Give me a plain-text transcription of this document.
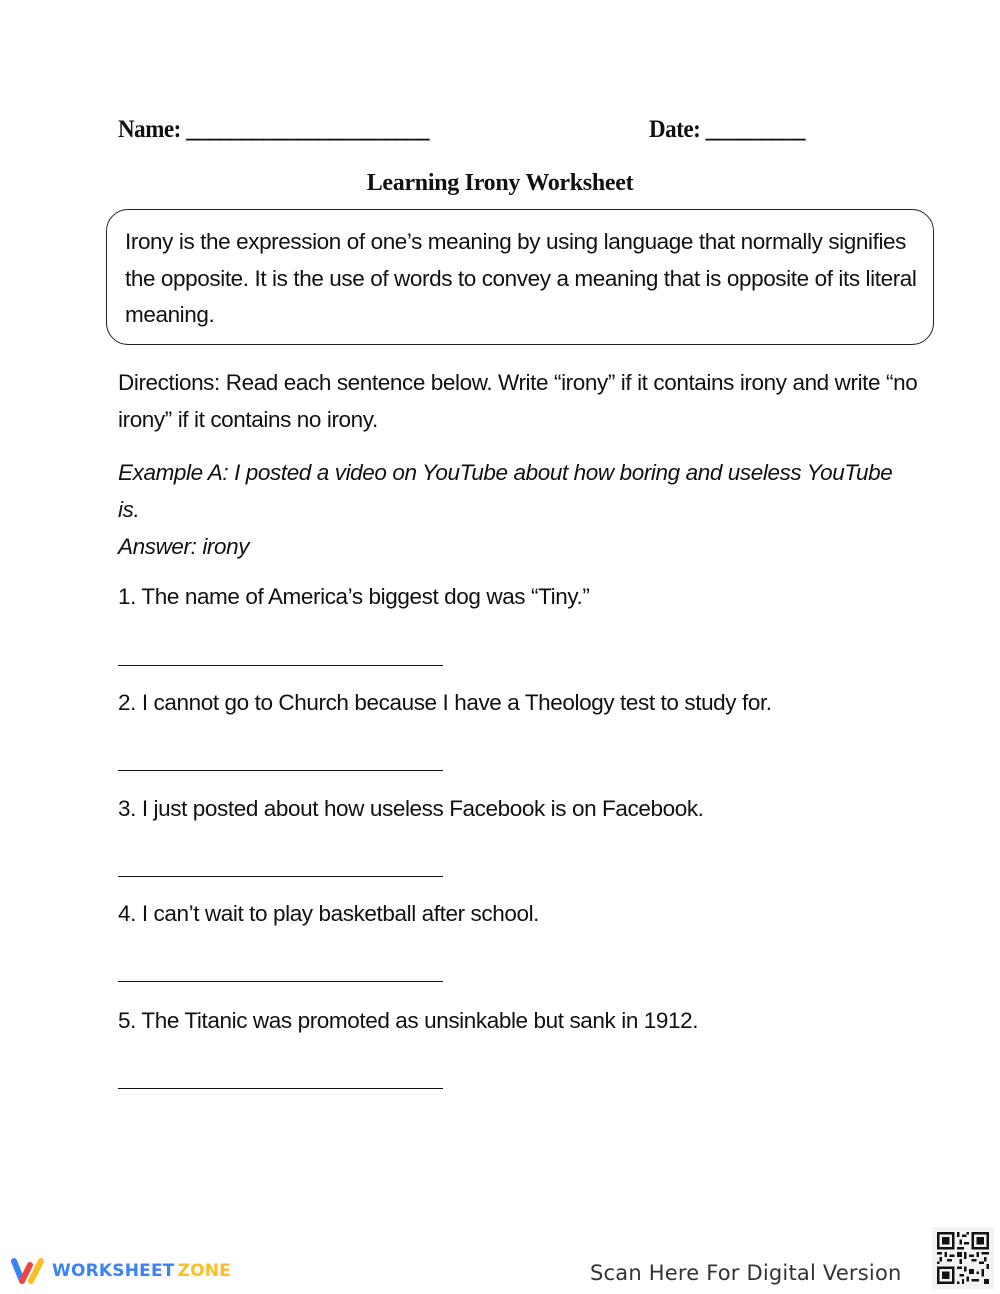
Name: ______________________	Date: _________
Learning Irony Worksheet
Irony is the expression of one’s meaning by using language that normally signifies the opposite. It is the use of words to convey a meaning that is opposite of its literal meaning.
Directions: Read each sentence below. Write “irony” if it contains irony and write “no irony” if it contains no irony.
Example A: I posted a video on YouTube about how boring and useless YouTube is.
Answer: irony
1. The name of America’s biggest dog was “Tiny.”
2. I cannot go to Church because I have a Theology test to study for.
3. I just posted about how useless Facebook is on Facebook.
4. I can’t wait to play basketball after school.
5. The Titanic was promoted as unsinkable but sank in 1912.
WORKSHEET ZONE	Scan Here For Digital Version
